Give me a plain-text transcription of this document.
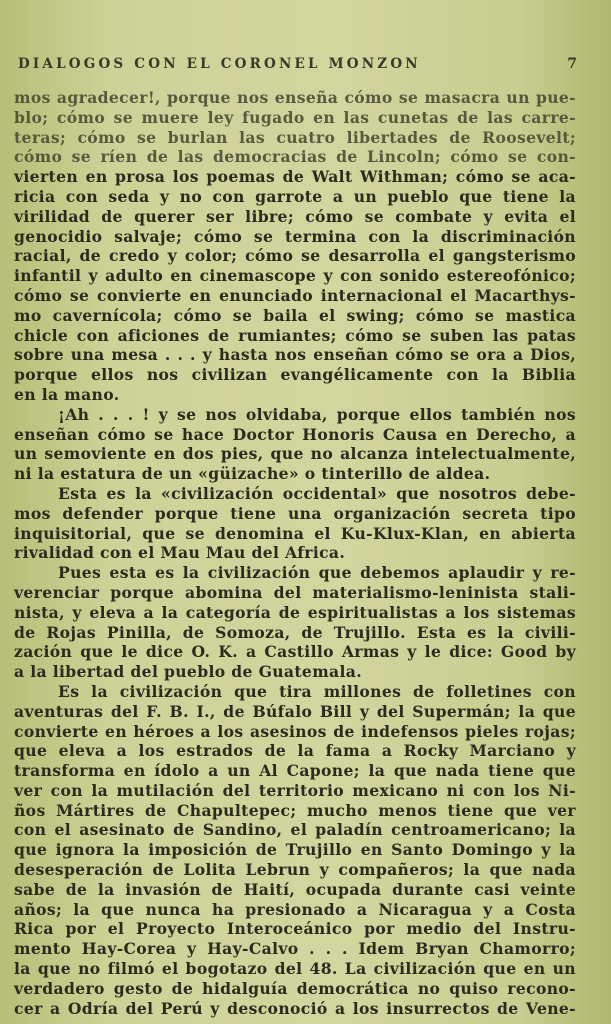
DIALOGOS CON EL CORONEL MONZON	7
mos agradecer!, porque nos enseña cómo se masacra un pue-
blo; cómo se muere ley fugado en las cunetas de las carre-
teras; cómo se burlan las cuatro libertades de Roosevelt;
cómo se ríen de las democracias de Lincoln; cómo se con-
vierten en prosa los poemas de Walt Withman; cómo se aca-
ricia con seda y no con garrote a un pueblo que tiene la
virilidad de querer ser libre; cómo se combate y evita el
genocidio salvaje; cómo se termina con la discriminación
racial, de credo y color; cómo se desarrolla el gangsterismo
infantil y adulto en cinemascope y con sonido estereofónico;
cómo se convierte en enunciado internacional el Macarthys-
mo cavernícola; cómo se baila el swing; cómo se mastica
chicle con aficiones de rumiantes; cómo se suben las patas
sobre una mesa . . . y hasta nos enseñan cómo se ora a Dios,
porque ellos nos civilizan evangélicamente con la Biblia
en la mano.
¡Ah . . . ! y se nos olvidaba, porque ellos también nos
enseñan cómo se hace Doctor Honoris Causa en Derecho, a
un semoviente en dos pies, que no alcanza intelectualmente,
ni la estatura de un «güizache» o tinterillo de aldea.
Esta es la «civilización occidental» que nosotros debe-
mos defender porque tiene una organización secreta tipo
inquisitorial, que se denomina el Ku-Klux-Klan, en abierta
rivalidad con el Mau Mau del Africa.
Pues esta es la civilización que debemos aplaudir y re-
verenciar porque abomina del materialismo-leninista stali-
nista, y eleva a la categoría de espiritualistas a los sistemas
de Rojas Pinilla, de Somoza, de Trujillo. Esta es la civili-
zación que le dice O. K. a Castillo Armas y le dice: Good by
a la libertad del pueblo de Guatemala.
Es la civilización que tira millones de folletines con
aventuras del F. B. I., de Búfalo Bill y del Supermán; la que
convierte en héroes a los asesinos de indefensos pieles rojas;
que eleva a los estrados de la fama a Rocky Marciano y
transforma en ídolo a un Al Capone; la que nada tiene que
ver con la mutilación del territorio mexicano ni con los Ni-
ños Mártires de Chapultepec; mucho menos tiene que ver
con el asesinato de Sandino, el paladín centroamericano; la
que ignora la imposición de Trujillo en Santo Domingo y la
desesperación de Lolita Lebrun y compañeros; la que nada
sabe de la invasión de Haití, ocupada durante casi veinte
años; la que nunca ha presionado a Nicaragua y a Costa
Rica por el Proyecto Interoceánico por medio del Instru-
mento Hay-Corea y Hay-Calvo . . . Idem Bryan Chamorro;
la que no filmó el bogotazo del 48. La civilización que en un
verdadero gesto de hidalguía democrática no quiso recono-
cer a Odría del Perú y desconoció a los insurrectos de Vene-
